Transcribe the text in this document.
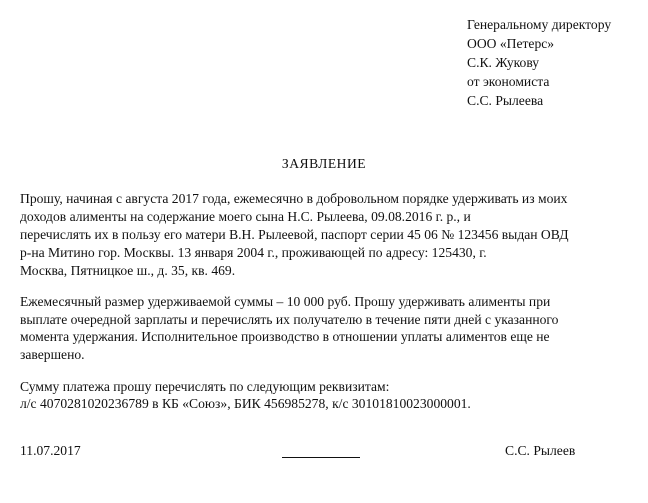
Генеральному директору
ООО «Петерс»
С.К. Жукову
от экономиста
С.С. Рылеева
ЗАЯВЛЕНИЕ
Прошу, начиная с августа 2017 года, ежемесячно в добровольном порядке удерживать из моих
доходов алименты на содержание моего сына Н.С. Рылеева, 09.08.2016 г. р., и
перечислять их в пользу его матери В.Н. Рылеевой, паспорт серии 45 06 № 123456 выдан ОВД
р-на Митино гор. Москвы. 13 января 2004 г., проживающей по адресу: 125430, г.
Москва, Пятницкое ш., д. 35, кв. 469.
Ежемесячный размер удерживаемой суммы – 10 000 руб. Прошу удерживать алименты при
выплате очередной зарплаты и перечислять их получателю в течение пяти дней с указанного
момента удержания. Исполнительное производство в отношении уплаты алиментов еще не
завершено.
Сумму платежа прошу перечислять по следующим реквизитам:
л/с 40702810202367​89 в КБ «Союз», БИК 456985278, к/с 30101810023000001.
11.07.2017	С.С. Рылеев
